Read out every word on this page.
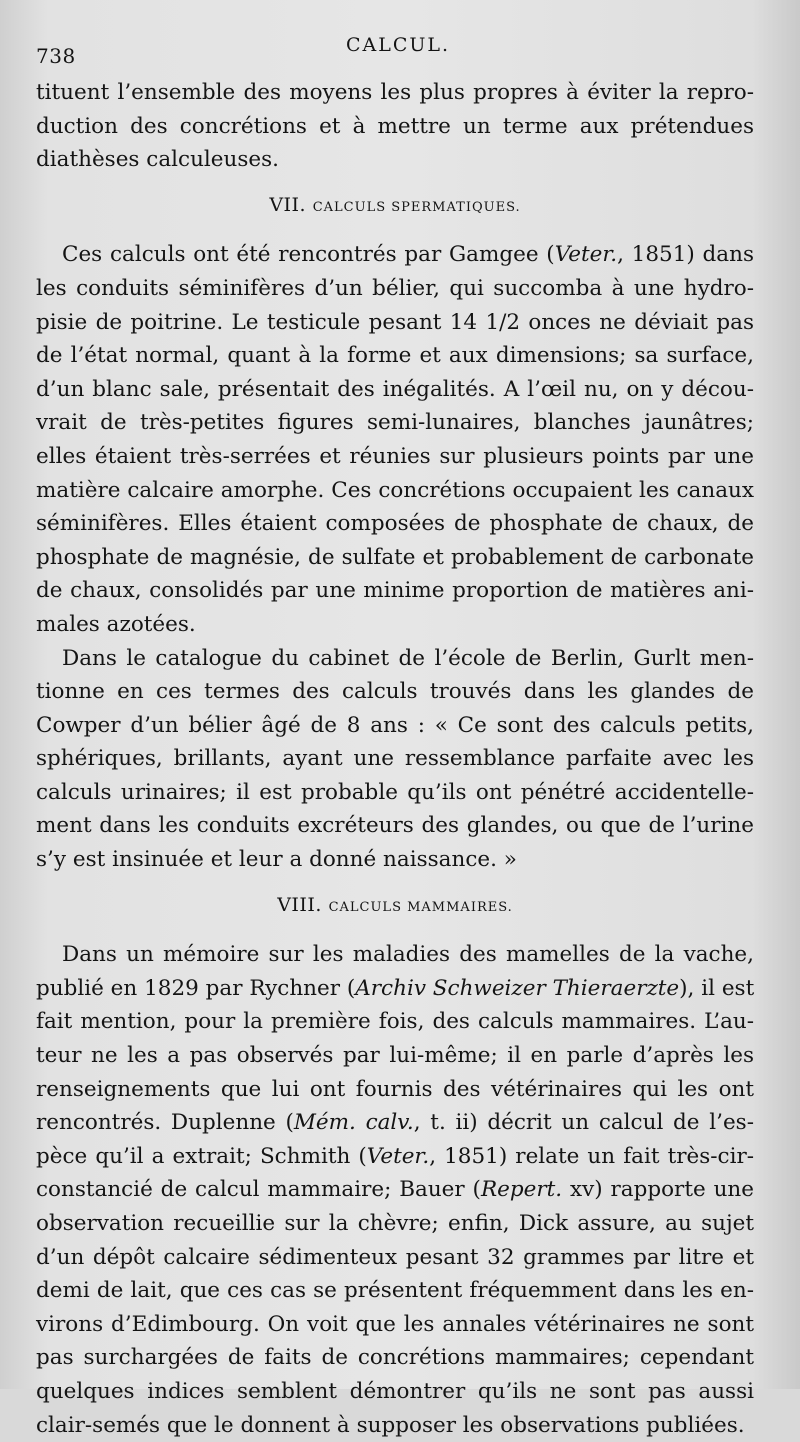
738	CALCUL.
tituent l’ensemble des moyens les plus propres à éviter la repro-
duction des concrétions et à mettre un terme aux prétendues
diathèses calculeuses.
VII. CALCULS SPERMATIQUES.
Ces calculs ont été rencontrés par Gamgee (Veter., 1851) dans
les conduits séminifères d’un bélier, qui succomba à une hydro-
pisie de poitrine. Le testicule pesant 14 1/2 onces ne déviait pas
de l’état normal, quant à la forme et aux dimensions; sa surface,
d’un blanc sale, présentait des inégalités. A l’œil nu, on y décou-
vrait de très-petites figures semi-lunaires, blanches jaunâtres;
elles étaient très-serrées et réunies sur plusieurs points par une
matière calcaire amorphe. Ces concrétions occupaient les canaux
séminifères. Elles étaient composées de phosphate de chaux, de
phosphate de magnésie, de sulfate et probablement de carbonate
de chaux, consolidés par une minime proportion de matières ani-
males azotées.
Dans le catalogue du cabinet de l’école de Berlin, Gurlt men-
tionne en ces termes des calculs trouvés dans les glandes de
Cowper d’un bélier âgé de 8 ans : « Ce sont des calculs petits,
sphériques, brillants, ayant une ressemblance parfaite avec les
calculs urinaires; il est probable qu’ils ont pénétré accidentelle-
ment dans les conduits excréteurs des glandes, ou que de l’urine
s’y est insinuée et leur a donné naissance. »
VIII. CALCULS MAMMAIRES.
Dans un mémoire sur les maladies des mamelles de la vache,
publié en 1829 par Rychner (Archiv Schweizer Thieraerzte), il est
fait mention, pour la première fois, des calculs mammaires. L’au-
teur ne les a pas observés par lui-même; il en parle d’après les
renseignements que lui ont fournis des vétérinaires qui les ont
rencontrés. Duplenne (Mém. calv., t. ii) décrit un calcul de l’es-
pèce qu’il a extrait; Schmith (Veter., 1851) relate un fait très-cir-
constancié de calcul mammaire; Bauer (Repert. xv) rapporte une
observation recueillie sur la chèvre; enfin, Dick assure, au sujet
d’un dépôt calcaire sédimenteux pesant 32 grammes par litre et
demi de lait, que ces cas se présentent fréquemment dans les en-
virons d’Edimbourg. On voit que les annales vétérinaires ne sont
pas surchargées de faits de concrétions mammaires; cependant
quelques indices semblent démontrer qu’ils ne sont pas aussi
clair-semés que le donnent à supposer les observations publiées.
